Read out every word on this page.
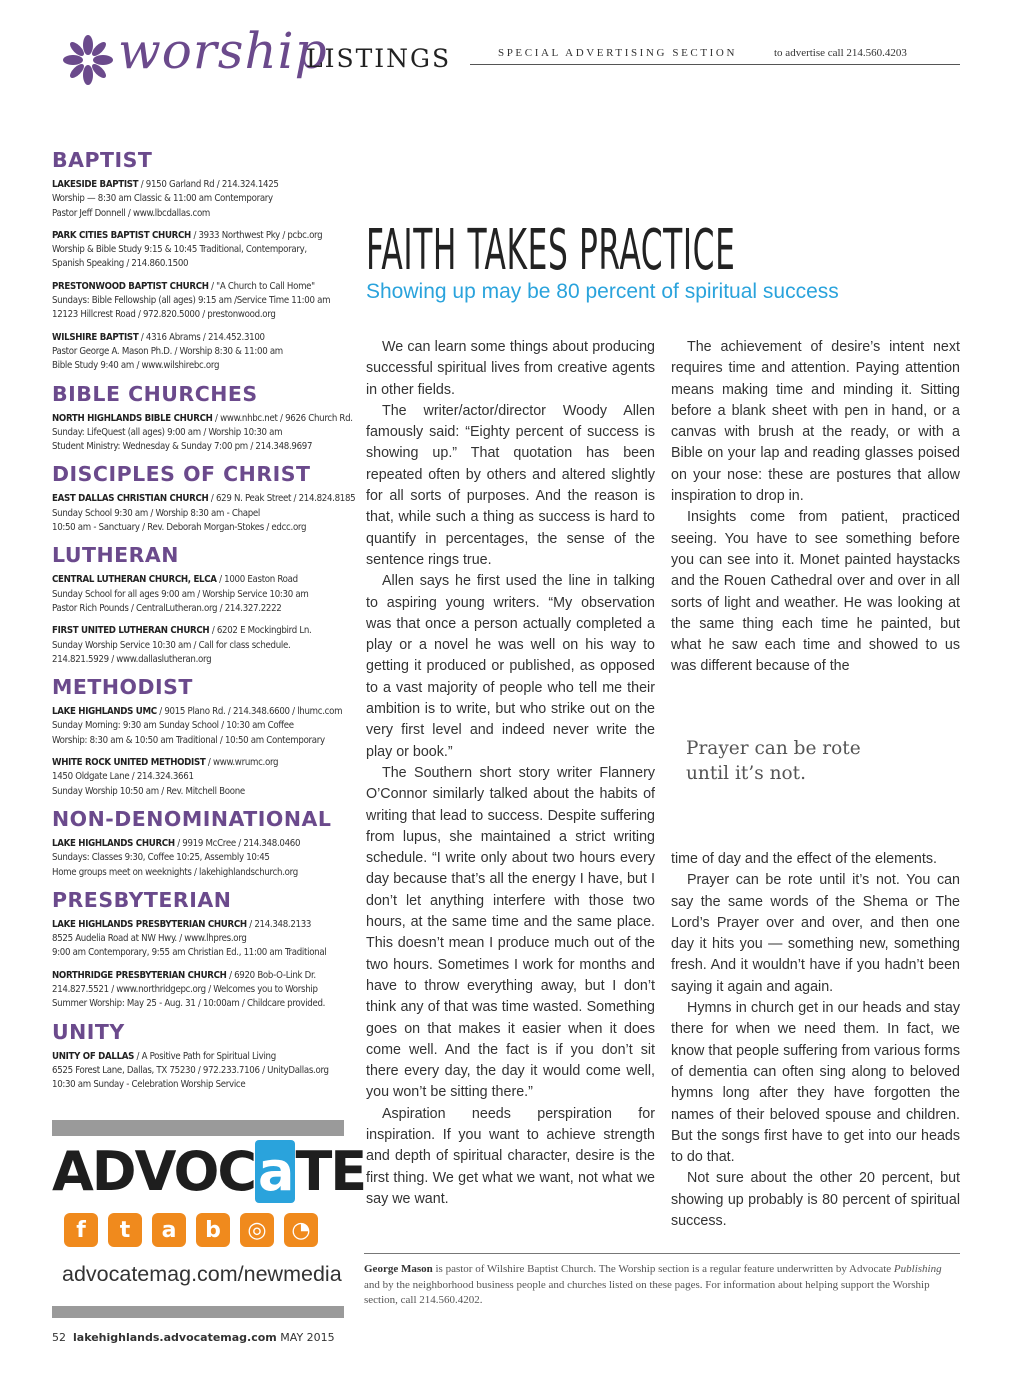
worship
LISTINGS	SPECIAL ADVERTISING SECTION	to advertise call 214.560.4203
BAPTIST
LAKESIDE BAPTIST / 9150 Garland Rd / 214.324.1425
Worship — 8:30 am Classic & 11:00 am Contemporary
Pastor Jeff Donnell / www.lbcdallas.com
PARK CITIES BAPTIST CHURCH / 3933 Northwest Pky / pcbc.org
Worship & Bible Study 9:15 & 10:45 Traditional, Contemporary,
Spanish Speaking / 214.860.1500
PRESTONWOOD BAPTIST CHURCH / "A Church to Call Home"
Sundays: Bible Fellowship (all ages) 9:15 am /Service Time 11:00 am
12123 Hillcrest Road / 972.820.5000 / prestonwood.org
WILSHIRE BAPTIST / 4316 Abrams / 214.452.3100
Pastor George A. Mason Ph.D. / Worship 8:30 & 11:00 am
Bible Study 9:40 am / www.wilshirebc.org
BIBLE CHURCHES
NORTH HIGHLANDS BIBLE CHURCH / www.nhbc.net / 9626 Church Rd.
Sunday: LifeQuest (all ages) 9:00 am / Worship 10:30 am
Student Ministry: Wednesday & Sunday 7:00 pm / 214.348.9697
DISCIPLES OF CHRIST
EAST DALLAS CHRISTIAN CHURCH / 629 N. Peak Street / 214.824.8185
Sunday School 9:30 am / Worship 8:30 am - Chapel
10:50 am - Sanctuary / Rev. Deborah Morgan-Stokes / edcc.org
LUTHERAN
CENTRAL LUTHERAN CHURCH, ELCA / 1000 Easton Road
Sunday School for all ages 9:00 am / Worship Service 10:30 am
Pastor Rich Pounds / CentralLutheran.org / 214.327.2222
FIRST UNITED LUTHERAN CHURCH / 6202 E Mockingbird Ln.
Sunday Worship Service 10:30 am / Call for class schedule.
214.821.5929 / www.dallaslutheran.org
METHODIST
LAKE HIGHLANDS UMC / 9015 Plano Rd. / 214.348.6600 / lhumc.com
Sunday Morning: 9:30 am Sunday School / 10:30 am Coffee
Worship: 8:30 am & 10:50 am Traditional / 10:50 am Contemporary
WHITE ROCK UNITED METHODIST / www.wrumc.org
1450 Oldgate Lane / 214.324.3661
Sunday Worship 10:50 am / Rev. Mitchell Boone
NON-DENOMINATIONAL
LAKE HIGHLANDS CHURCH / 9919 McCree / 214.348.0460
Sundays: Classes 9:30, Coffee 10:25, Assembly 10:45
Home groups meet on weeknights / lakehighlandschurch.org
PRESBYTERIAN
LAKE HIGHLANDS PRESBYTERIAN CHURCH / 214.348.2133
8525 Audelia Road at NW Hwy. / www.lhpres.org
9:00 am Contemporary, 9:55 am Christian Ed., 11:00 am Traditional
NORTHRIDGE PRESBYTERIAN CHURCH / 6920 Bob-O-Link Dr.
214.827.5521 / www.northridgepc.org / Welcomes you to Worship
Summer Worship: May 25 - Aug. 31 / 10:00am / Childcare provided.
UNITY
UNITY OF DALLAS / A Positive Path for Spiritual Living
6525 Forest Lane, Dallas, TX 75230 / 972.233.7106 / UnityDallas.org
10:30 am Sunday - Celebration Worship Service
ADVOCaTE
f	t	a	b	◎	◔
advocatemag.com/newmedia
52 lakehighlands.advocatemag.com MAY 2015
FAITH TAKES PRACTICE
Showing up may be 80 percent of spiritual success

We can learn some things about producing successful spiritual lives from creative agents in other fields.

The writer/actor/director Woody Allen famously said: “Eighty percent of success is showing up.” That quotation has been repeated often by others and altered slightly for all sorts of purposes. And the reason is that, while such a thing as success is hard to quantify in percentages, the sense of the sentence rings true.

Allen says he first used the line in talking to aspiring young writers. “My observation was that once a person actually completed a play or a novel he was well on his way to getting it produced or published, as opposed to a vast majority of people who tell me their ambition is to write, but who strike out on the very first level and indeed never write the play or book.”

The Southern short story writer Flannery O’Connor similarly talked about the habits of writing that lead to success. Despite suffering from lupus, she maintained a strict writing schedule. “I write only about two hours every day because that’s all the energy I have, but I don’t let anything interfere with those two hours, at the same time and the same place. This doesn’t mean I produce much out of the two hours. Sometimes I work for months and have to throw everything away, but I don’t think any of that was time wasted. Something goes on that makes it easier when it does come well. And the fact is if you don’t sit there every day, the day it would come well, you won’t be sitting there.”

Aspiration needs perspiration for inspiration. If you want to achieve strength and depth of spiritual character, desire is the first thing. We get what we want, not what we say we want.

The achievement of desire’s intent next requires time and attention. Paying attention means making time and minding it. Sitting before a blank sheet with pen in hand, or a canvas with brush at the ready, or with a Bible on your lap and reading glasses poised on your nose: these are postures that allow inspiration to drop in.

Insights come from patient, practiced seeing. You have to see something before you can see into it. Monet painted haystacks and the Rouen Cathedral over and over in all sorts of light and weather. He was looking at the same thing each time he painted, but what he saw each time and showed to us was different because of the

Prayer can be rote
until it’s not.

time of day and the effect of the elements.

Prayer can be rote until it’s not. You can say the same words of the Shema or The Lord’s Prayer over and over, and then one day it hits you — something new, something fresh. And it wouldn’t have if you hadn’t been saying it again and again.

Hymns in church get in our heads and stay there for when we need them. In fact, we know that people suffering from various forms of dementia can often sing along to beloved hymns long after they have forgotten the names of their beloved spouse and children. But the songs first have to get into our heads to do that.

Not sure about the other 20 percent, but showing up probably is 80 percent of spiritual success.

George Mason is pastor of Wilshire Baptist Church. The Worship section is a regular feature underwritten by Advocate Publishing and by the neighborhood business people and churches listed on these pages. For information about helping support the Worship section, call 214.560.4202.
